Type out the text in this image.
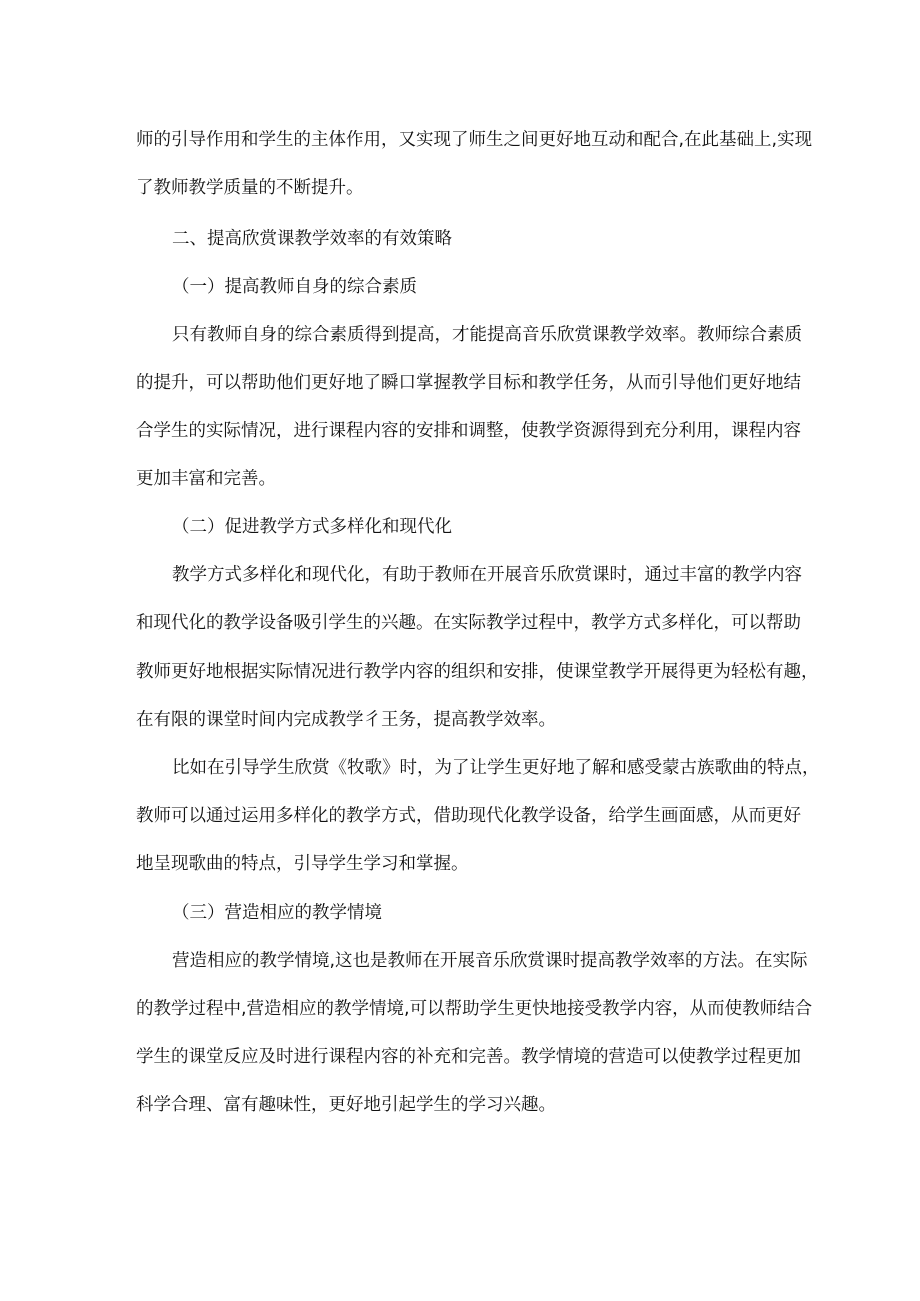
师的引导作用和学生的主体作用，又实现了师生之间更好地互动和配合,在此基础上,实现
了教师教学质量的不断提升。
二、提高欣赏课教学效率的有效策略
（一）提高教师自身的综合素质
只有教师自身的综合素质得到提高，才能提高音乐欣赏课教学效率。教师综合素质
的提升，可以帮助他们更好地了瞬口掌握教学目标和教学任务，从而引导他们更好地结
合学生的实际情况，进行课程内容的安排和调整，使教学资源得到充分利用，课程内容
更加丰富和完善。
（二）促进教学方式多样化和现代化
教学方式多样化和现代化，有助于教师在开展音乐欣赏课时，通过丰富的教学内容
和现代化的教学设备吸引学生的兴趣。在实际教学过程中，教学方式多样化，可以帮助
教师更好地根据实际情况进行教学内容的组织和安排，使课堂教学开展得更为轻松有趣，
在有限的课堂时间内完成教学彳王务，提高教学效率。
比如在引导学生欣赏《牧歌》时，为了让学生更好地了解和感受蒙古族歌曲的特点，
教师可以通过运用多样化的教学方式，借助现代化教学设备，给学生画面感，从而更好
地呈现歌曲的特点，引导学生学习和掌握。
（三）营造相应的教学情境
营造相应的教学情境,这也是教师在开展音乐欣赏课时提高教学效率的方法。在实际
的教学过程中,营造相应的教学情境,可以帮助学生更快地接受教学内容，从而使教师结合
学生的课堂反应及时进行课程内容的补充和完善。教学情境的营造可以使教学过程更加
科学合理、富有趣味性，更好地引起学生的学习兴趣。
